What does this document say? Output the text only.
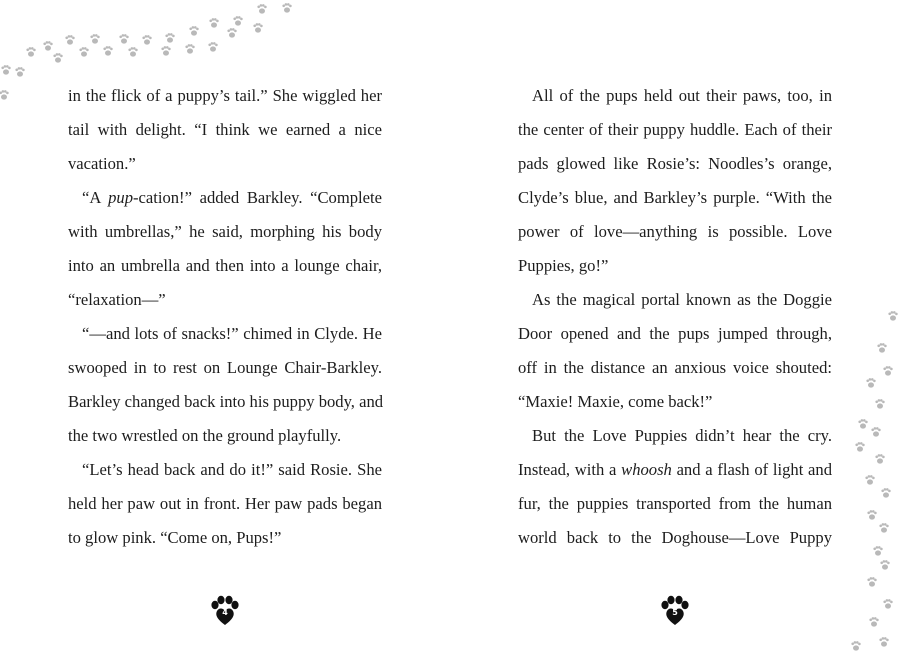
in the flick of a puppy’s tail.” She wiggled her

tail with delight. “I think we earned a nice

vacation.”

“A pup-cation!” added Barkley. “Complete

with umbrellas,” he said, morphing his body

into an umbrella and then into a lounge chair,

“relaxation—”

“—and lots of snacks!” chimed in Clyde. He

swooped in to rest on Lounge Chair-Barkley.

Barkley changed back into his puppy body, and

the two wrestled on the ground playfully.

“Let’s head back and do it!” said Rosie. She

held her paw out in front. Her paw pads began

to glow pink. “Come on, Pups!”

4

All of the pups held out their paws, too, in

the center of their puppy huddle. Each of their

pads glowed like Rosie’s: Noodles’s orange,

Clyde’s blue, and Barkley’s purple. “With the

power of love—anything is possible. Love

Puppies, go!”

As the magical portal known as the Doggie

Door opened and the pups jumped through,

off in the distance an anxious voice shouted:

“Maxie! Maxie, come back!”

But the Love Puppies didn’t hear the cry.

Instead, with a whoosh and a flash of light and

fur, the puppies transported from the human

world back to the Doghouse—Love Puppy

5
